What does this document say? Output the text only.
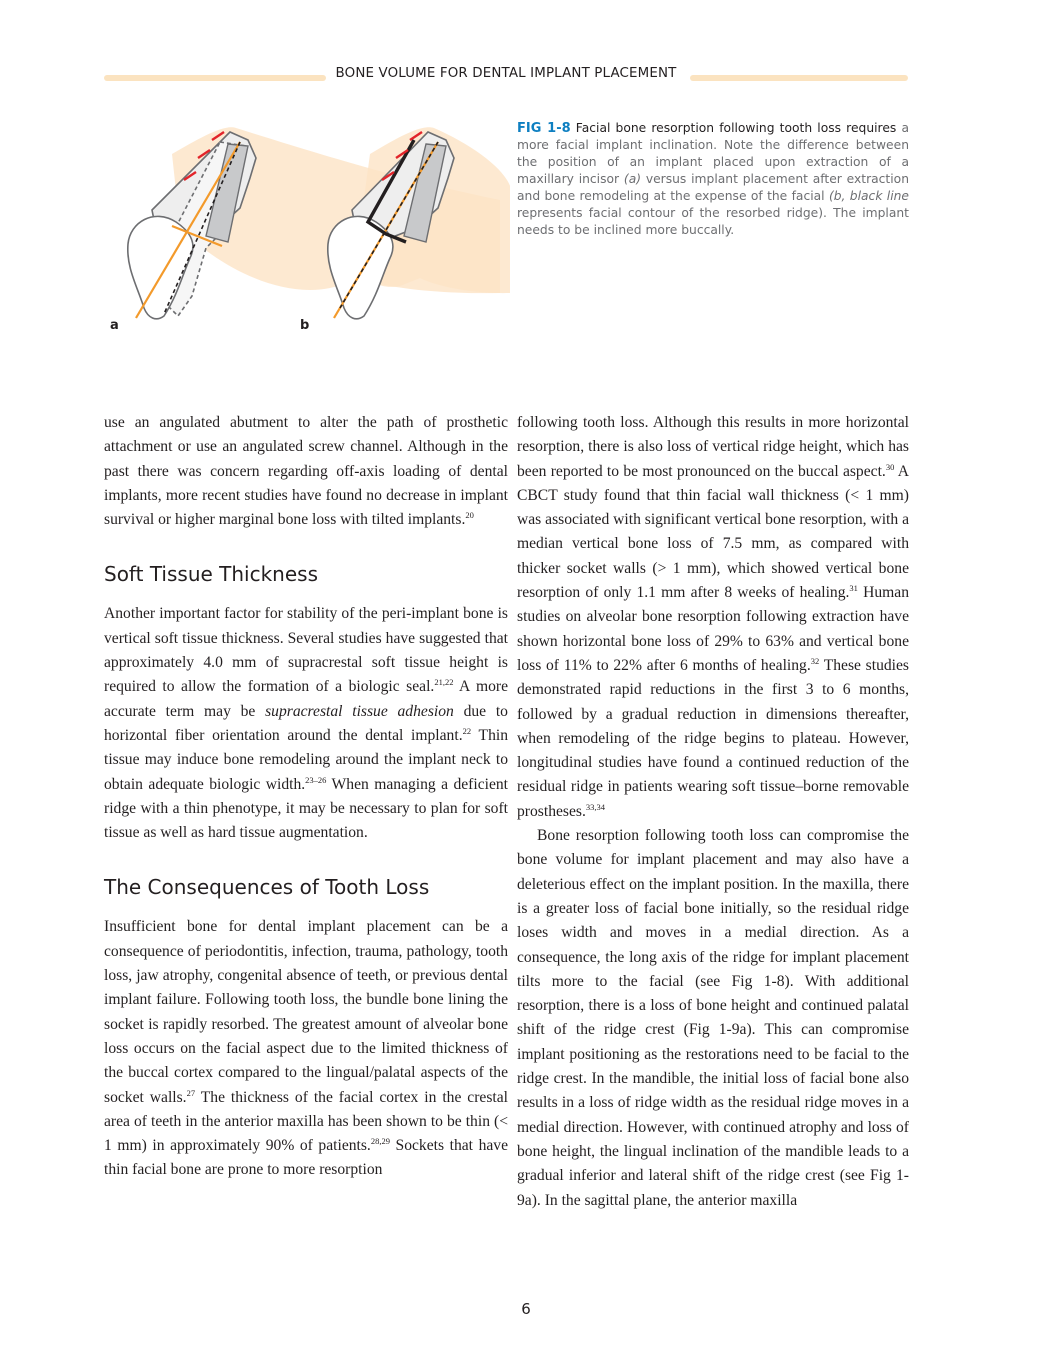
BONE VOLUME FOR DENTAL IMPLANT PLACEMENT
a	b
FIG 1-8 Facial bone resorption following tooth loss requires a more facial implant inclination. Note the difference between the position of an implant placed upon extraction of a maxillary incisor (a) versus implant placement after extraction and bone remodeling at the expense of the facial (b, black line represents facial contour of the resorbed ridge). The implant needs to be inclined more buccally.

use an angulated abutment to alter the path of prosthetic attachment or use an angulated screw channel. Although in the past there was concern regarding off-axis loading of dental implants, more recent studies have found no decrease in implant survival or higher marginal bone loss with tilted implants.$^{20}$

Soft Tissue Thickness

Another important factor for stability of the peri-implant bone is vertical soft tissue thickness. Several studies have suggested that approximately 4.0 mm of supracrestal soft tissue height is required to allow the formation of a biologic seal.$^{21,22}$ A more accurate term may be supracrestal tissue adhesion due to horizontal fiber orientation around the dental implant.$^{22}$ Thin tissue may induce bone remodeling around the implant neck to obtain adequate biologic width.$^{23-26}$ When managing a deficient ridge with a thin phenotype, it may be necessary to plan for soft tissue as well as hard tissue augmentation.

The Consequences of Tooth Loss

Insufficient bone for dental implant placement can be a consequence of periodontitis, infection, trauma, pathology, tooth loss, jaw atrophy, congenital absence of teeth, or previous dental implant failure. Following tooth loss, the bundle bone lining the socket is rapidly resorbed. The greatest amount of alveolar bone loss occurs on the facial aspect due to the limited thickness of the buccal cortex compared to the lingual/palatal aspects of the socket walls.$^{27}$ The thickness of the facial cortex in the crestal area of teeth in the anterior maxilla has been shown to be thin (< 1 mm) in approximately 90% of patients.$^{28,29}$ Sockets that have thin facial bone are prone to more resorption

following tooth loss. Although this results in more horizontal resorption, there is also loss of vertical ridge height, which has been reported to be most pronounced on the buccal aspect.$^{30}$ A CBCT study found that thin facial wall thickness (< 1 mm) was associated with significant vertical bone resorption, with a median vertical bone loss of 7.5 mm, as compared with thicker socket walls (> 1 mm), which showed vertical bone resorption of only 1.1 mm after 8 weeks of healing.$^{31}$ Human studies on alveolar bone resorption following extraction have shown horizontal bone loss of 29% to 63% and vertical bone loss of 11% to 22% after 6 months of healing.$^{32}$ These studies demonstrated rapid reductions in the first 3 to 6 months, followed by a gradual reduction in dimensions thereafter, when remodeling of the ridge begins to plateau. However, longitudinal studies have found a continued reduction of the residual ridge in patients wearing soft tissue–borne removable prostheses.$^{33,34}$

Bone resorption following tooth loss can compromise the bone volume for implant placement and may also have a deleterious effect on the implant position. In the maxilla, there is a greater loss of facial bone initially, so the residual ridge loses width and moves in a medial direction. As a consequence, the long axis of the ridge for implant placement tilts more to the facial (see Fig 1-8). With additional resorption, there is a loss of bone height and continued palatal shift of the ridge crest (Fig 1-9a). This can compromise implant positioning as the restorations need to be facial to the ridge crest. In the mandible, the initial loss of facial bone also results in a loss of ridge width as the residual ridge moves in a medial direction. However, with continued atrophy and loss of bone height, the lingual inclination of the mandible leads to a gradual inferior and lateral shift of the ridge crest (see Fig 1-9a). In the sagittal plane, the anterior maxilla

6
